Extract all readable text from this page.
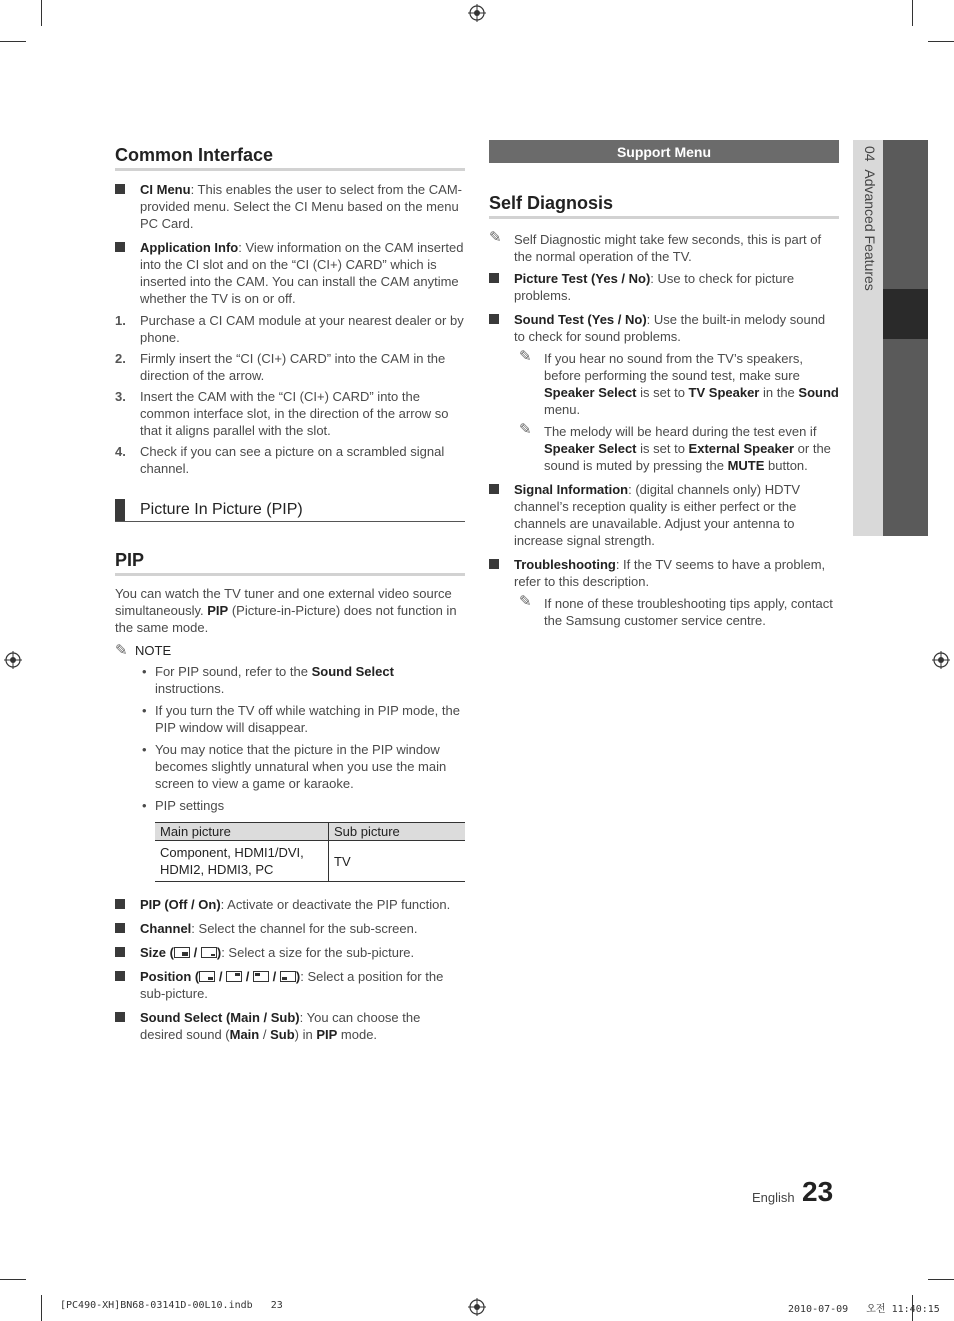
04  Advanced Features
Common Interface
CI Menu: This enables the user to select from the CAM-provided menu. Select the CI Menu based on the menu PC Card.
Application Info: View information on the CAM inserted into the CI slot and on the “CI (CI+) CARD” which is inserted into the CAM. You can install the CAM anytime whether the TV is on or off.
1. Purchase a CI CAM module at your nearest dealer or by phone.
2. Firmly insert the “CI (CI+) CARD” into the CAM in the direction of the arrow.
3. Insert the CAM with the “CI (CI+) CARD” into the common interface slot, in the direction of the arrow so that it aligns parallel with the slot.
4. Check if you can see a picture on a scrambled signal channel.
Picture In Picture (PIP)
PIP

You can watch the TV tuner and one external video source simultaneously. PIP (Picture-in-Picture) does not function in the same mode.

✎ NOTE
• For PIP sound, refer to the Sound Select instructions.
• If you turn the TV off while watching in PIP mode, the PIP window will disappear.
• You may notice that the picture in the PIP window becomes slightly unnatural when you use the main screen to view a game or karaoke.
• PIP settings
Main picture	Sub picture
Component, HDMI1/DVI, HDMI2, HDMI3, PC	TV
PIP (Off / On): Activate or deactivate the PIP function.
Channel: Select the channel for the sub-screen.
Size ( / ): Select a size for the sub-picture.
Position ( / / / ): Select a position for the sub-picture.
Sound Select (Main / Sub): You can choose the desired sound (Main / Sub) in PIP mode.
Support Menu
Self Diagnosis
✎ Self Diagnostic might take few seconds, this is part of the normal operation of the TV.
Picture Test (Yes / No): Use to check for picture problems.
Sound Test (Yes / No): Use the built-in melody sound to check for sound problems.
✎ If you hear no sound from the TV’s speakers, before performing the sound test, make sure Speaker Select is set to TV Speaker in the Sound menu.
✎ The melody will be heard during the test even if Speaker Select is set to External Speaker or the sound is muted by pressing the MUTE button.
Signal Information: (digital channels only) HDTV channel’s reception quality is either perfect or the channels are unavailable. Adjust your antenna to increase signal strength.
Troubleshooting: If the TV seems to have a problem, refer to this description.
✎ If none of these troubleshooting tips apply, contact the Samsung customer service centre.
English 23
[PC490-XH]BN68-03141D-00L10.indb   23	2010-07-09   오전 11:40:15
